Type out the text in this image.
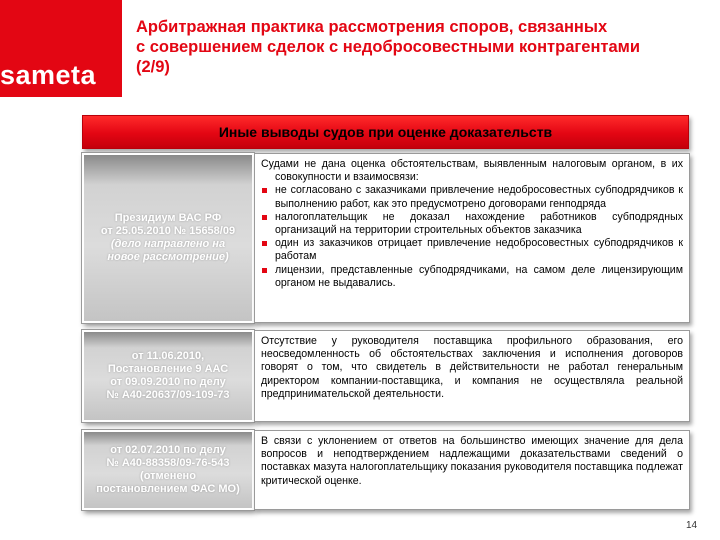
sameta
Арбитражная практика рассмотрения споров, связанных
с совершением сделок с недобросовестными контрагентами
(2/9)
Иные выводы судов при оценке доказательств
Президиум ВАС РФ
от 25.05.2010 № 15658/09
(дело направлено на
новое рассмотрение)
Судами не дана оценка обстоятельствам, выявленным налоговым органом, в их совокупности и взаимосвязи:
не согласовано с заказчиками привлечение недобросовестных субподрядчиков к выполнению работ, как это предусмотрено договорами генподряда
налогоплательщик не доказал нахождение работников субподрядных организаций на территории строительных объектов заказчика
один из заказчиков отрицает привлечение недобросовестных субподрядчиков к работам
лицензии, представленные субподрядчиками, на самом деле лицензирующим органом не выдавались.
от 11.06.2010,
Постановление 9 ААС
от 09.09.2010 по делу
№ А40-20637/09-109-73
Отсутствие у руководителя поставщика профильного образования, его неосведомленность об обстоятельствах заключения и исполнения договоров говорят о том, что свидетель в действительности не работал генеральным директором компании-поставщика, и компания не осуществляла реальной предпринимательской деятельности.
от 02.07.2010 по делу
№ А40-88358/09-76-543
(отменено
постановлением ФАС МО)
В связи с уклонением от ответов на большинство имеющих значение для дела вопросов и неподтверждением надлежащими доказательствами сведений о поставках мазута налогоплательщику показания руководителя поставщика подлежат критической оценке.
14
